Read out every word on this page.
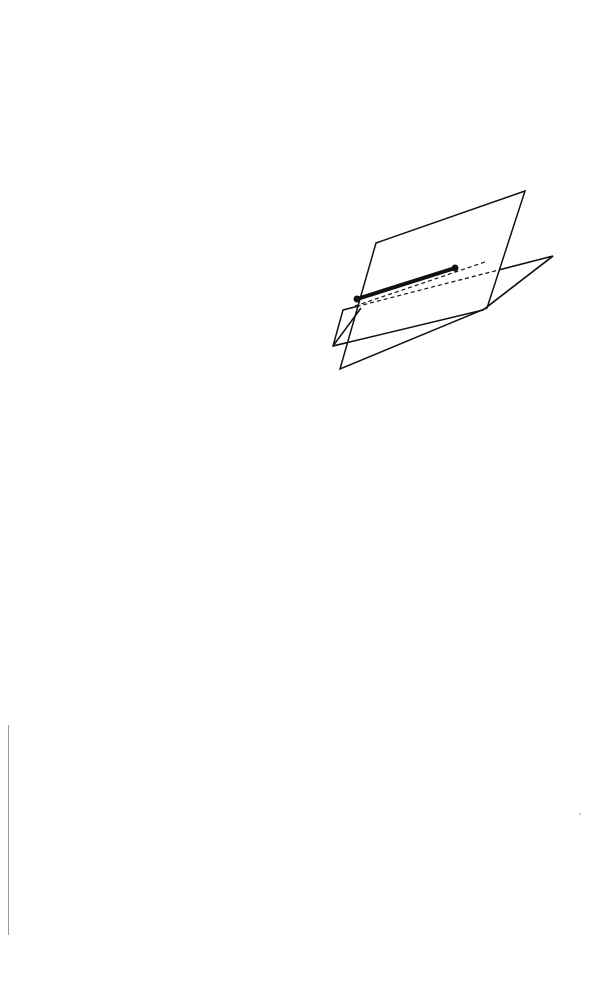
˙
